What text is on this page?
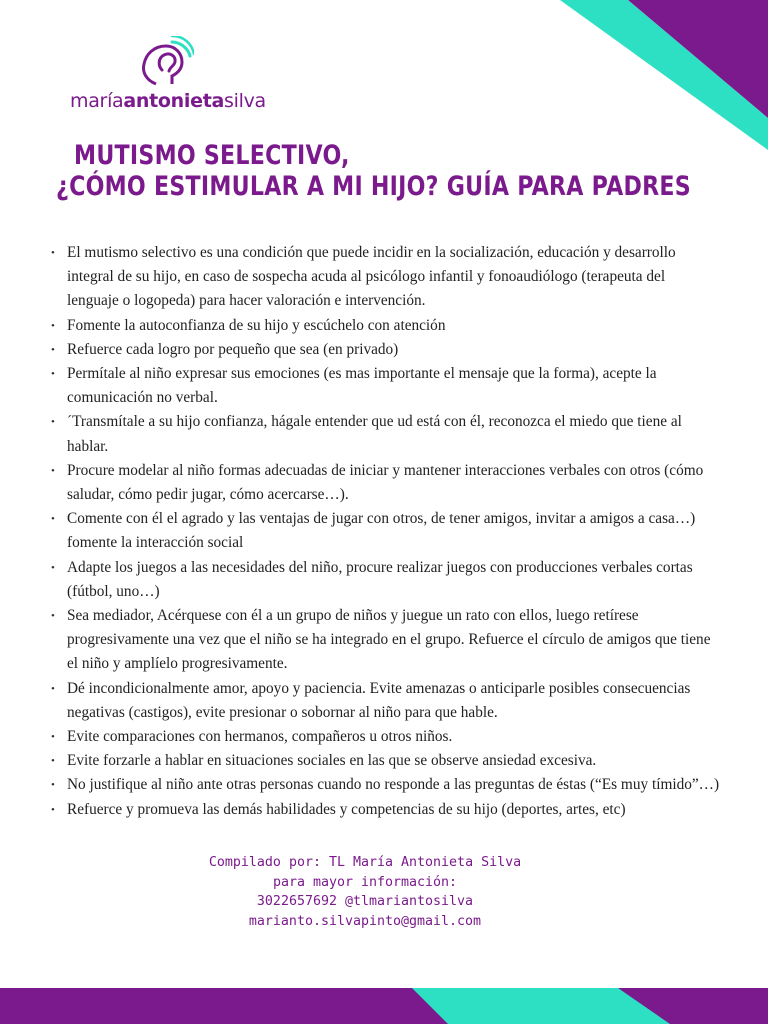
maríaantonietasilva
MUTISMO SELECTIVO,
¿CÓMO ESTIMULAR A MI HIJO? GUÍA PARA PADRES
• El mutismo selectivo es una condición que puede incidir en la socialización, educación y desarrollo integral de su hijo, en caso de sospecha acuda al psicólogo infantil y fonoaudiólogo (terapeuta del lenguaje o logopeda) para hacer valoración e intervención.
• Fomente la autoconfianza de su hijo y escúchelo con atención
• Refuerce cada logro por pequeño que sea (en privado)
• Permítale al niño expresar sus emociones (es mas importante el mensaje que la forma), acepte la comunicación no verbal.
• ´Transmítale a su hijo confianza, hágale entender que ud está con él, reconozca el miedo que tiene al hablar.
• Procure modelar al niño formas adecuadas de iniciar y mantener interacciones verbales con otros (cómo saludar, cómo pedir jugar, cómo acercarse…).
• Comente con él el agrado y las ventajas de jugar con otros, de tener amigos, invitar a amigos a casa…) fomente la interacción social
• Adapte los juegos a las necesidades del niño, procure realizar juegos con producciones verbales cortas (fútbol, uno…)
• Sea mediador, Acérquese con él a un grupo de niños y juegue un rato con ellos, luego retírese progresivamente una vez que el niño se ha integrado en el grupo. Refuerce el círculo de amigos que tiene el niño y amplíelo progresivamente.
• Dé incondicionalmente amor, apoyo y paciencia. Evite amenazas o anticiparle posibles consecuencias negativas (castigos), evite presionar o sobornar al niño para que hable.
• Evite comparaciones con hermanos, compañeros u otros niños.
• Evite forzarle a hablar en situaciones sociales en las que se observe ansiedad excesiva.
• No justifique al niño ante otras personas cuando no responde a las preguntas de éstas (“Es muy tímido”…)
• Refuerce y promueva las demás habilidades y competencias de su hijo (deportes, artes, etc)
Compilado por: TL María Antonieta Silva
para mayor información:
3022657692 @tlmariantosilva
marianto.silvapinto@gmail.com
